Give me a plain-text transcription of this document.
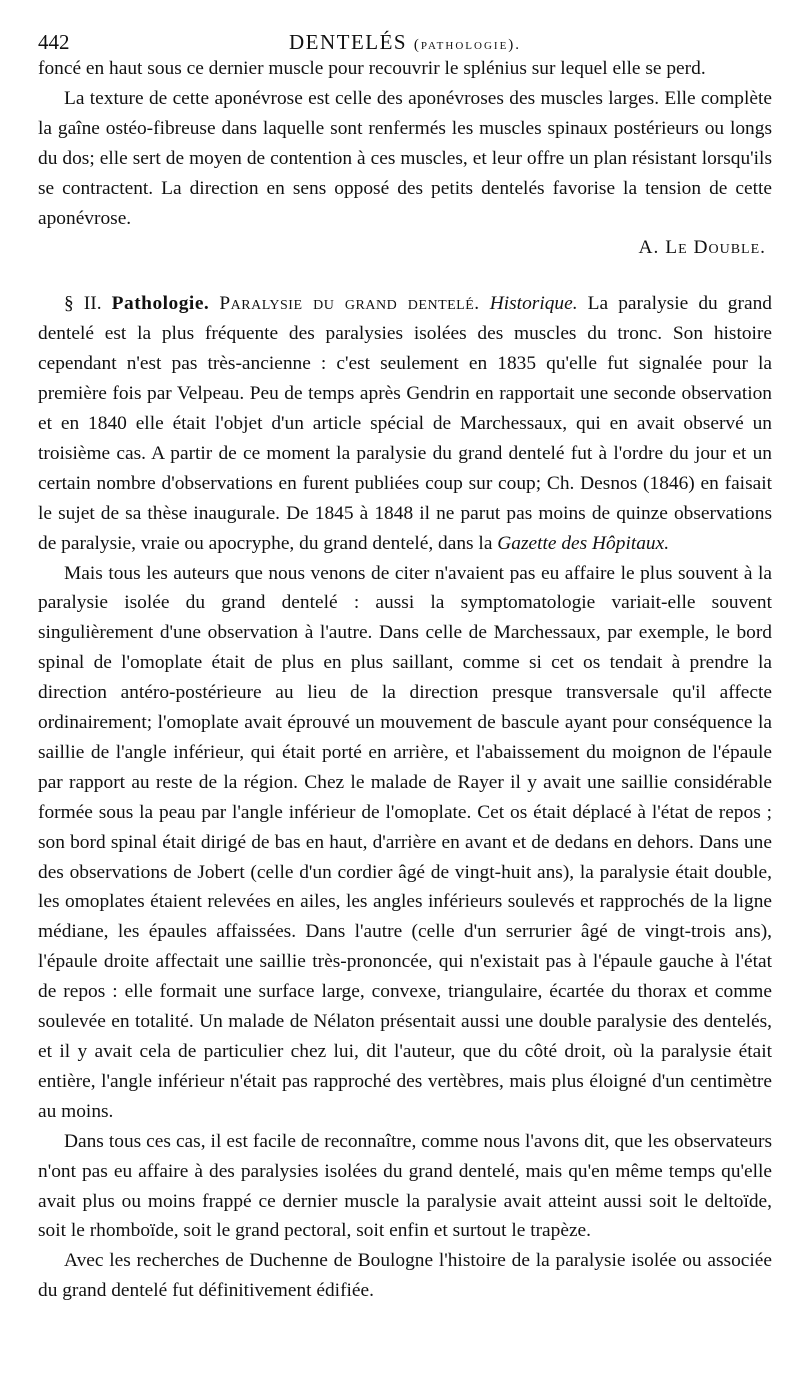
442	DENTELÉS (pathologie).

foncé en haut sous ce dernier muscle pour recouvrir le splénius sur lequel elle se perd.

La texture de cette aponévrose est celle des aponévroses des muscles larges. Elle complète la gaîne ostéo-fibreuse dans laquelle sont renfermés les muscles spinaux postérieurs ou longs du dos; elle sert de moyen de contention à ces muscles, et leur offre un plan résistant lorsqu'ils se contractent. La direction en sens opposé des petits dentelés favorise la tension de cette aponévrose.

A. Le Double.

§ II. Pathologie. Paralysie du grand dentelé. Historique. La paralysie du grand dentelé est la plus fréquente des paralysies isolées des muscles du tronc. Son histoire cependant n'est pas très-ancienne : c'est seulement en 1835 qu'elle fut signalée pour la première fois par Velpeau. Peu de temps après Gendrin en rapportait une seconde observation et en 1840 elle était l'objet d'un article spécial de Marchessaux, qui en avait observé un troisième cas. A partir de ce moment la paralysie du grand dentelé fut à l'ordre du jour et un certain nombre d'observations en furent publiées coup sur coup; Ch. Desnos (1846) en faisait le sujet de sa thèse inaugurale. De 1845 à 1848 il ne parut pas moins de quinze observations de paralysie, vraie ou apocryphe, du grand dentelé, dans la Gazette des Hôpitaux.

Mais tous les auteurs que nous venons de citer n'avaient pas eu affaire le plus souvent à la paralysie isolée du grand dentelé : aussi la symptomatologie variait-elle souvent singulièrement d'une observation à l'autre. Dans celle de Marchessaux, par exemple, le bord spinal de l'omoplate était de plus en plus saillant, comme si cet os tendait à prendre la direction antéro-postérieure au lieu de la direction presque transversale qu'il affecte ordinairement; l'omoplate avait éprouvé un mouvement de bascule ayant pour conséquence la saillie de l'angle inférieur, qui était porté en arrière, et l'abaissement du moignon de l'épaule par rapport au reste de la région. Chez le malade de Rayer il y avait une saillie considérable formée sous la peau par l'angle inférieur de l'omoplate. Cet os était déplacé à l'état de repos ; son bord spinal était dirigé de bas en haut, d'arrière en avant et de dedans en dehors. Dans une des observations de Jobert (celle d'un cordier âgé de vingt-huit ans), la paralysie était double, les omoplates étaient relevées en ailes, les angles inférieurs soulevés et rapprochés de la ligne médiane, les épaules affaissées. Dans l'autre (celle d'un serrurier âgé de vingt-trois ans), l'épaule droite affectait une saillie très-prononcée, qui n'existait pas à l'épaule gauche à l'état de repos : elle formait une surface large, convexe, triangulaire, écartée du thorax et comme soulevée en totalité. Un malade de Nélaton présentait aussi une double paralysie des dentelés, et il y avait cela de particulier chez lui, dit l'auteur, que du côté droit, où la paralysie était entière, l'angle inférieur n'était pas rapproché des vertèbres, mais plus éloigné d'un centimètre au moins.

Dans tous ces cas, il est facile de reconnaître, comme nous l'avons dit, que les observateurs n'ont pas eu affaire à des paralysies isolées du grand dentelé, mais qu'en même temps qu'elle avait plus ou moins frappé ce dernier muscle la paralysie avait atteint aussi soit le deltoïde, soit le rhomboïde, soit le grand pectoral, soit enfin et surtout le trapèze.

Avec les recherches de Duchenne de Boulogne l'histoire de la paralysie isolée ou associée du grand dentelé fut définitivement édifiée.
